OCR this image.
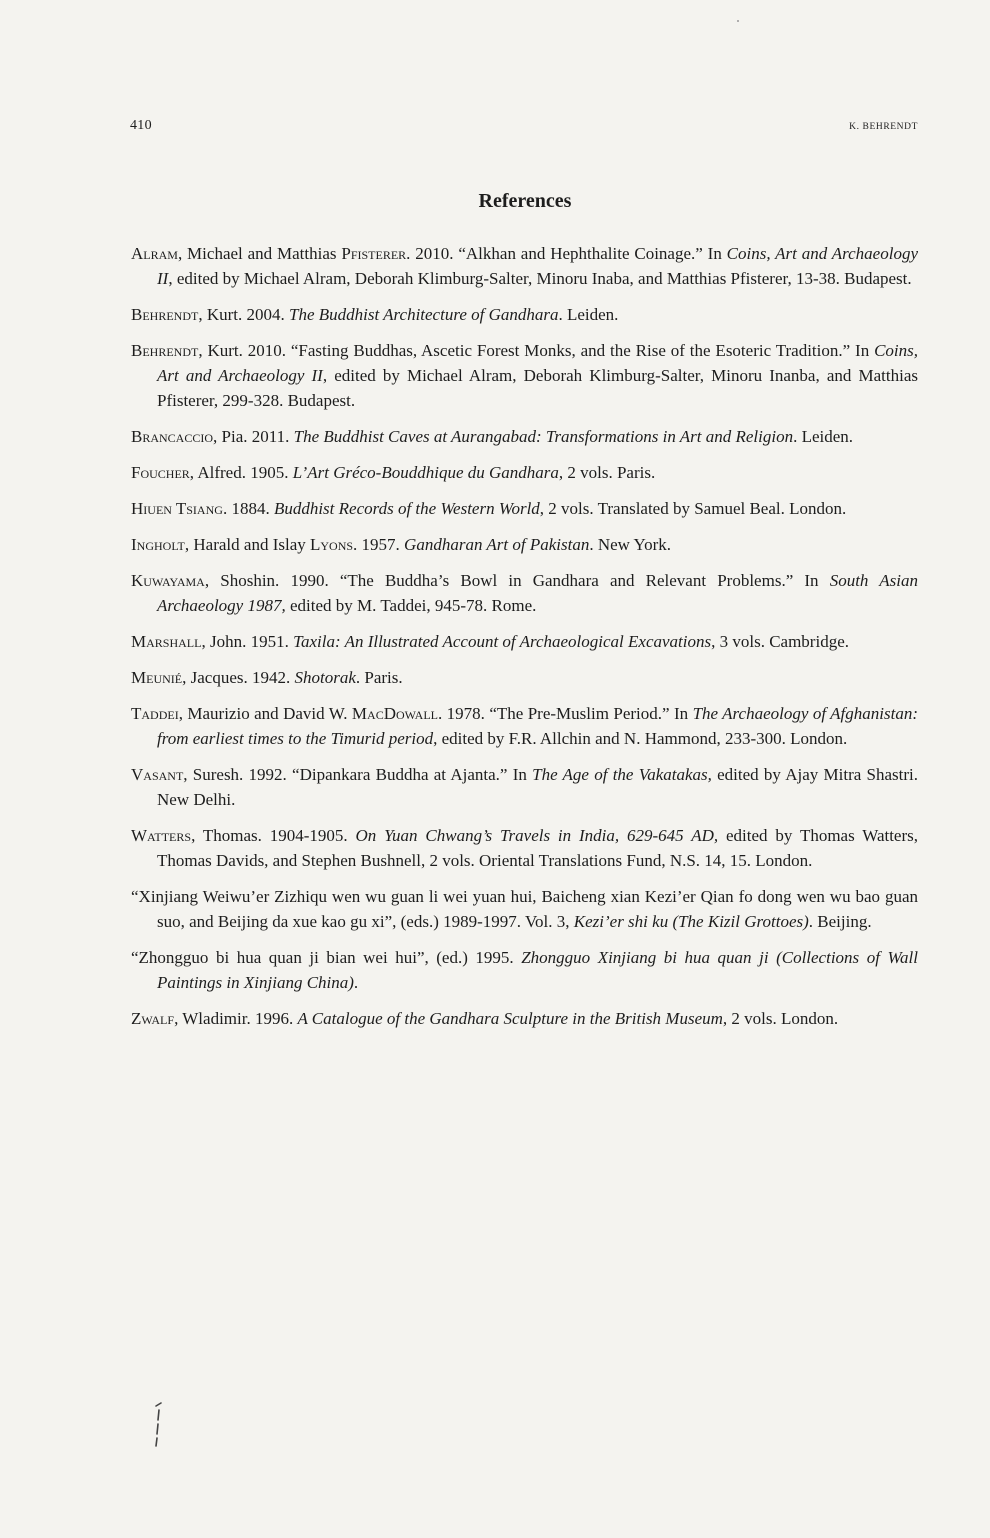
410	K. BEHRENDT
References

Alram, Michael and Matthias Pfisterer. 2010. “Alkhan and Hephthalite Coinage.” In Coins, Art and Archaeology II, edited by Michael Alram, Deborah Klimburg-Salter, Minoru Inaba, and Matthias Pfisterer, 13-38. Budapest.

Behrendt, Kurt. 2004. The Buddhist Architecture of Gandhara. Leiden.

Behrendt, Kurt. 2010. “Fasting Buddhas, Ascetic Forest Monks, and the Rise of the Esoteric Tradition.” In Coins, Art and Archaeology II, edited by Michael Alram, Deborah Klimburg-Salter, Minoru Inanba, and Matthias Pfisterer, 299-328. Budapest.

Brancaccio, Pia. 2011. The Buddhist Caves at Aurangabad: Transformations in Art and Religion. Leiden.

Foucher, Alfred. 1905. L’Art Gréco-Bouddhique du Gandhara, 2 vols. Paris.

Hiuen Tsiang. 1884. Buddhist Records of the Western World, 2 vols. Translated by Samuel Beal. London.

Ingholt, Harald and Islay Lyons. 1957. Gandharan Art of Pakistan. New York.

Kuwayama, Shoshin. 1990. “The Buddha’s Bowl in Gandhara and Relevant Problems.” In South Asian Archaeology 1987, edited by M. Taddei, 945-78. Rome.

Marshall, John. 1951. Taxila: An Illustrated Account of Archaeological Excavations, 3 vols. Cambridge.

Meunié, Jacques. 1942. Shotorak. Paris.

Taddei, Maurizio and David W. MacDowall. 1978. “The Pre-Muslim Period.” In The Archaeology of Afghanistan: from earliest times to the Timurid period, edited by F.R. Allchin and N. Hammond, 233-300. London.

Vasant, Suresh. 1992. “Dipankara Buddha at Ajanta.” In The Age of the Vakatakas, edited by Ajay Mitra Shastri. New Delhi.

Watters, Thomas. 1904-1905. On Yuan Chwang’s Travels in India, 629-645 AD, edited by Thomas Watters, Thomas Davids, and Stephen Bushnell, 2 vols. Oriental Translations Fund, N.S. 14, 15. London.

“Xinjiang Weiwu’er Zizhiqu wen wu guan li wei yuan hui, Baicheng xian Kezi’er Qian fo dong wen wu bao guan suo, and Beijing da xue kao gu xi”, (eds.) 1989-1997. Vol. 3, Kezi’er shi ku (The Kizil Grottoes). Beijing.

“Zhongguo bi hua quan ji bian wei hui”, (ed.) 1995. Zhongguo Xinjiang bi hua quan ji (Collections of Wall Paintings in Xinjiang China).

Zwalf, Wladimir. 1996. A Catalogue of the Gandhara Sculpture in the British Museum, 2 vols. London.
